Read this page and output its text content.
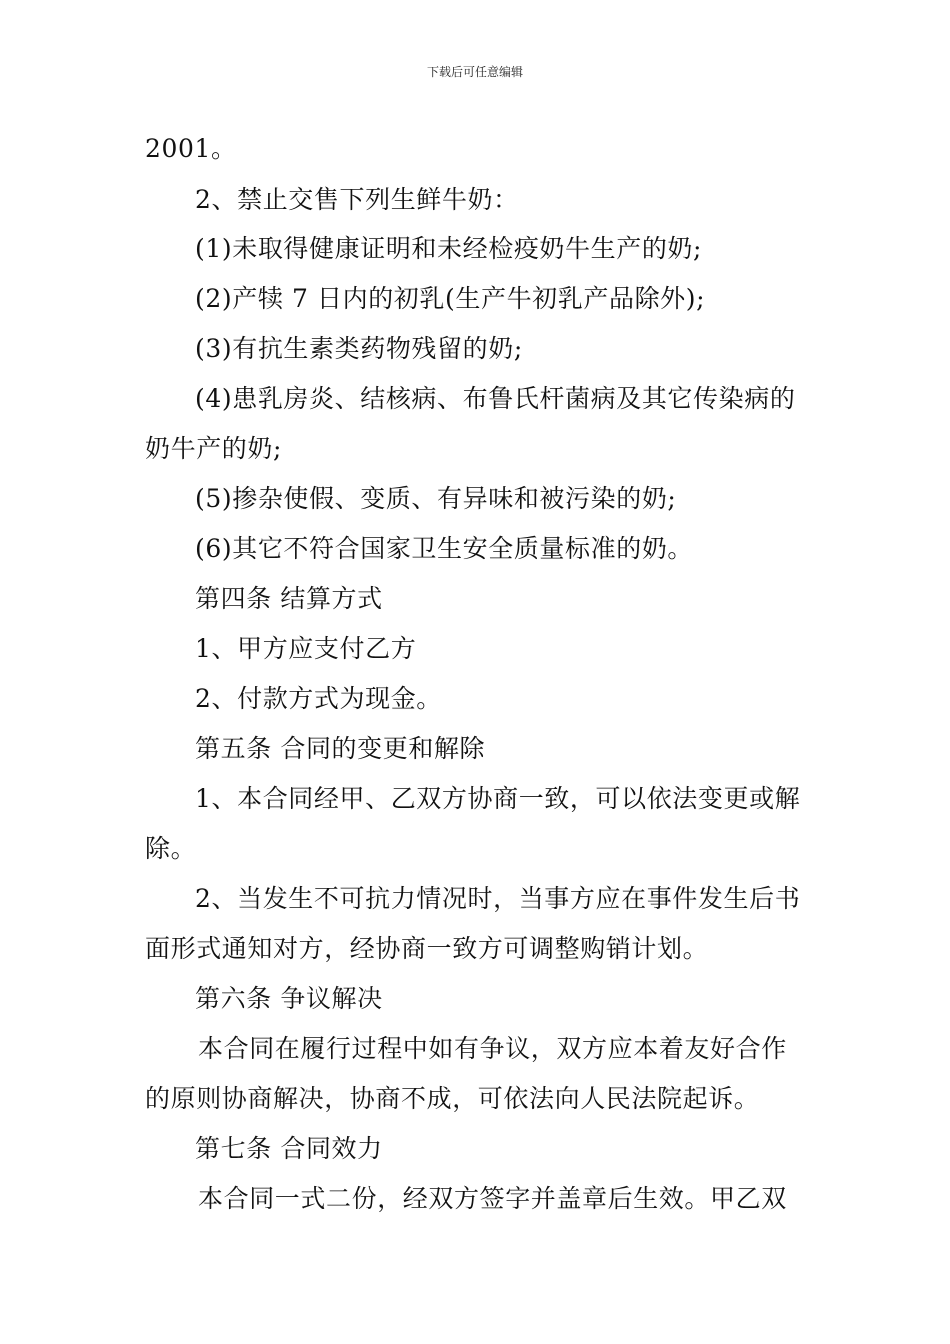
下载后可任意编辑
2001。
2、禁止交售下列生鲜牛奶：
(1)未取得健康证明和未经检疫奶牛生产的奶;
(2)产犊 7 日内的初乳(生产牛初乳产品除外);
(3)有抗生素类药物残留的奶;
(4)患乳房炎、结核病、布鲁氏杆菌病及其它传染病的
奶牛产的奶;
(5)掺杂使假、变质、有异味和被污染的奶;
(6)其它不符合国家卫生安全质量标准的奶。
第四条 结算方式
1、甲方应支付乙方
2、付款方式为现金。
第五条 合同的变更和解除
1、本合同经甲、乙双方协商一致，可以依法变更或解
除。
2、当发生不可抗力情况时，当事方应在事件发生后书
面形式通知对方，经协商一致方可调整购销计划。
第六条 争议解决
本合同在履行过程中如有争议，双方应本着友好合作
的原则协商解决，协商不成，可依法向人民法院起诉。
第七条 合同效力
本合同一式二份，经双方签字并盖章后生效。甲乙双
